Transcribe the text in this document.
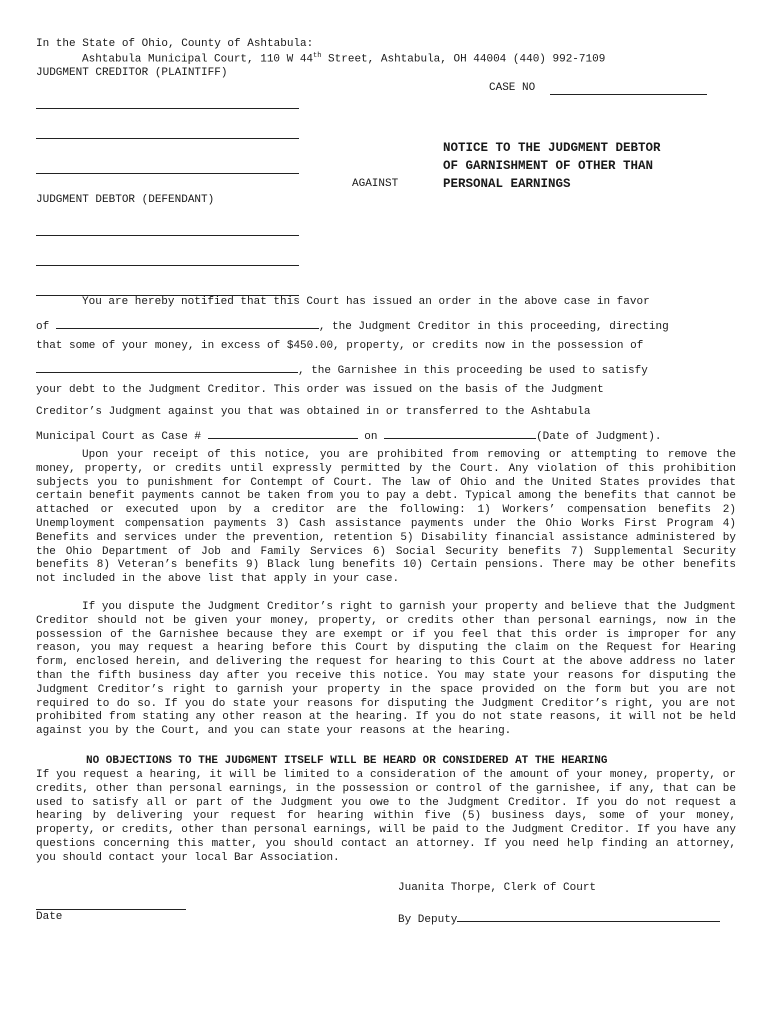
In the State of Ohio, County of Ashtabula:
Ashtabula Municipal Court, 110 W 44th Street, Ashtabula, OH 44004 (440) 992-7109
JUDGMENT CREDITOR (PLAINTIFF)
CASE NO
NOTICE TO THE JUDGMENT DEBTOR
OF GARNISHMENT OF OTHER THAN
PERSONAL EARNINGS
AGAINST
JUDGMENT DEBTOR (DEFENDANT)
You are hereby notified that this Court has issued an order in the above case in favor
of	, the Judgment Creditor in this proceeding, directing
that some of your money, in excess of $450.00, property, or credits now in the possession of
, the Garnishee in this proceeding be used to satisfy
your debt to the Judgment Creditor. This order was issued on the basis of the Judgment
Creditor’s Judgment against you that was obtained in or transferred to the Ashtabula
Municipal Court as Case #	on	(Date of Judgment).
Upon your receipt of this notice, you are prohibited from removing or attempting to remove the money, property, or credits until expressly permitted by the Court. Any violation of this prohibition subjects you to punishment for Contempt of Court. The law of Ohio and the United States provides that certain benefit payments cannot be taken from you to pay a debt. Typical among the benefits that cannot be attached or executed upon by a creditor are the following: 1) Workers’ compensation benefits 2) Unemployment compensation payments 3) Cash assistance payments under the Ohio Works First Program 4) Benefits and services under the prevention, retention 5) Disability financial assistance administered by the Ohio Department of Job and Family Services 6) Social Security benefits 7) Supplemental Security benefits 8) Veteran’s benefits 9) Black lung benefits 10) Certain pensions. There may be other benefits not included in the above list that apply in your case.
If you dispute the Judgment Creditor’s right to garnish your property and believe that the Judgment Creditor should not be given your money, property, or credits other than personal earnings, now in the possession of the Garnishee because they are exempt or if you feel that this order is improper for any reason, you may request a hearing before this Court by disputing the claim on the Request for Hearing form, enclosed herein, and delivering the request for hearing to this Court at the above address no later than the fifth business day after you receive this notice. You may state your reasons for disputing the Judgment Creditor’s right to garnish your property in the space provided on the form but you are not required to do so. If you do state your reasons for disputing the Judgment Creditor’s right, you are not prohibited from stating any other reason at the hearing. If you do not state reasons, it will not be held against you by the Court, and you can state your reasons at the hearing.
NO OBJECTIONS TO THE JUDGMENT ITSELF WILL BE HEARD OR CONSIDERED AT THE HEARING
If you request a hearing, it will be limited to a consideration of the amount of your money, property, or credits, other than personal earnings, in the possession or control of the garnishee, if any, that can be used to satisfy all or part of the Judgment you owe to the Judgment Creditor. If you do not request a hearing by delivering your request for hearing within five (5) business days, some of your money, property, or credits, other than personal earnings, will be paid to the Judgment Creditor. If you have any questions concerning this matter, you should contact an attorney. If you need help finding an attorney, you should contact your local Bar Association.
Juanita Thorpe, Clerk of Court
Date	By Deputy
